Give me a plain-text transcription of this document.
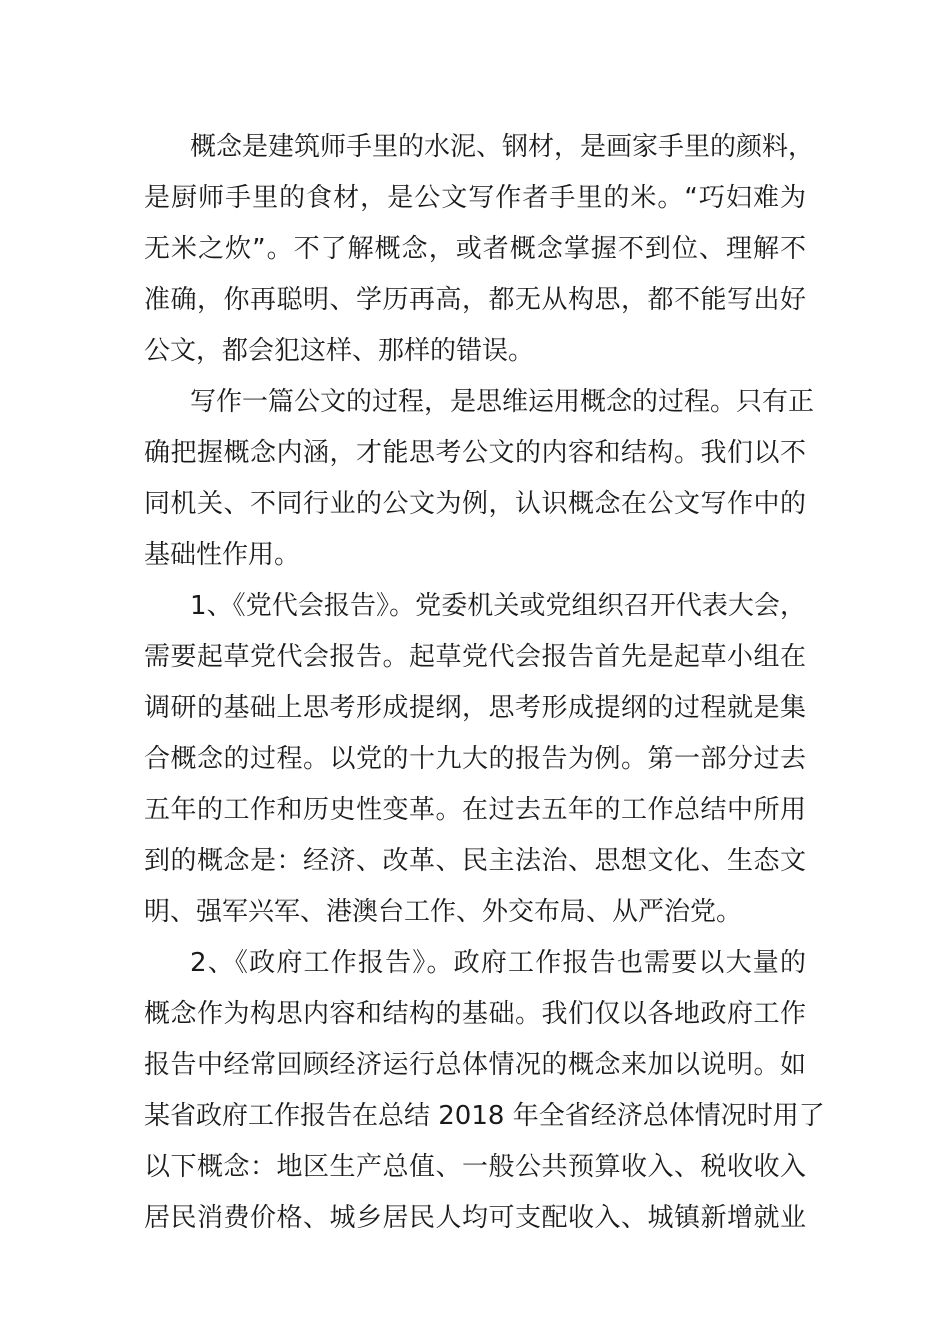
概念是建筑师手里的水泥、钢材，是画家手里的颜料，
是厨师手里的食材，是公文写作者手里的米。“巧妇难为
无米之炊”。不了解概念，或者概念掌握不到位、理解不
准确，你再聪明、学历再高，都无从构思，都不能写出好
公文，都会犯这样、那样的错误。
写作一篇公文的过程，是思维运用概念的过程。只有正
确把握概念内涵，才能思考公文的内容和结构。我们以不
同机关、不同行业的公文为例，认识概念在公文写作中的
基础性作用。
1、《党代会报告》。党委机关或党组织召开代表大会，
需要起草党代会报告。起草党代会报告首先是起草小组在
调研的基础上思考形成提纲，思考形成提纲的过程就是集
合概念的过程。以党的十九大的报告为例。第一部分过去
五年的工作和历史性变革。在过去五年的工作总结中所用
到的概念是：经济、改革、民主法治、思想文化、生态文
明、强军兴军、港澳台工作、外交布局、从严治党。
2、《政府工作报告》。政府工作报告也需要以大量的
概念作为构思内容和结构的基础。我们仅以各地政府工作
报告中经常回顾经济运行总体情况的概念来加以说明。如
某省政府工作报告在总结 2018 年全省经济总体情况时用了
以下概念：地区生产总值、一般公共预算收入、税收收入
居民消费价格、城乡居民人均可支配收入、城镇新增就业
